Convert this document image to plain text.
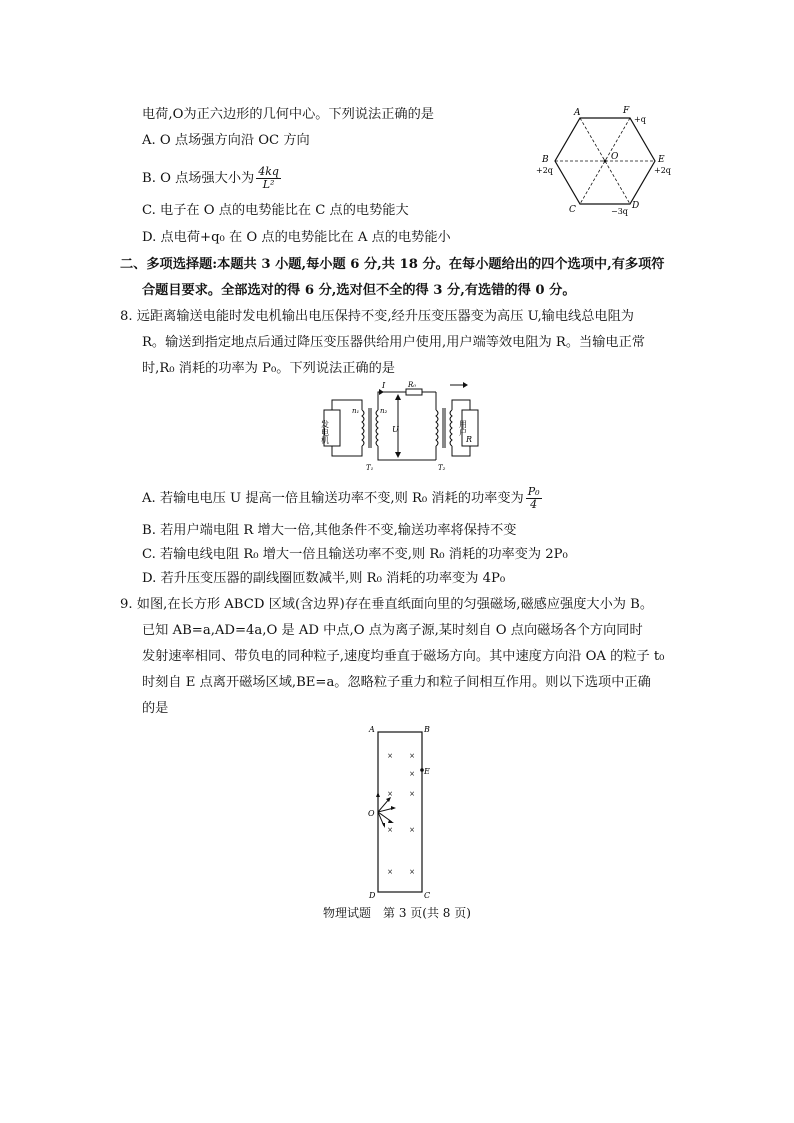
电荷,O为正六边形的几何中心。下列说法正确的是
A. O 点场强方向沿 OC 方向
B. O 点场强大小为 $\frac{4kq}{\text{L²}}$
C. 电子在 O 点的电势能比在 C 点的电势能大
D. 点电荷+q₀ 在 O 点的电势能比在 A 点的电势能小
A	F
+q
B
+2q
O	E
+2q
C	−3q
D
二、多项选择题:本题共 3 小题,每小题 6 分,共 18 分。在每小题给出的四个选项中,有多项符
合题目要求。全部选对的得 6 分,选对但不全的得 3 分,有选错的得 0 分。
8. 远距离输送电能时发电机输出电压保持不变,经升压变压器变为高压 U,输电线总电阻为
R。输送到指定地点后通过降压变压器供给用户使用,用户端等效电阻为 R。当输电正常
时,R₀ 消耗的功率为 P₀。下列说法正确的是
发电机	用户
R
I	R₀
n₁	n₂
U
T₁	T₂
A. 若输电电压 U 提高一倍且输送功率不变,则 R₀ 消耗的功率变为 $\frac{\text{P₀}}{4}$
B. 若用户端电阻 R 增大一倍,其他条件不变,输送功率将保持不变
C. 若输电线电阻 R₀ 增大一倍且输送功率不变,则 R₀ 消耗的功率变为 2P₀
D. 若升压变压器的副线圈匝数减半,则 R₀ 消耗的功率变为 4P₀
9. 如图,在长方形 ABCD 区域(含边界)存在垂直纸面向里的匀强磁场,磁感应强度大小为 B。
已知 AB=a,AD=4a,O 是 AD 中点,O 点为离子源,某时刻自 O 点向磁场各个方向同时
发射速率相同、带负电的同种粒子,速度均垂直于磁场方向。其中速度方向沿 OA 的粒子 t₀
时刻自 E 点离开磁场区域,BE=a。忽略粒子重力和粒子间相互作用。则以下选项中正确
的是
× ×
×
× ×
× ×
× ×
A	B
E
O
D	C
物理试题　第 3 页(共 8 页)
